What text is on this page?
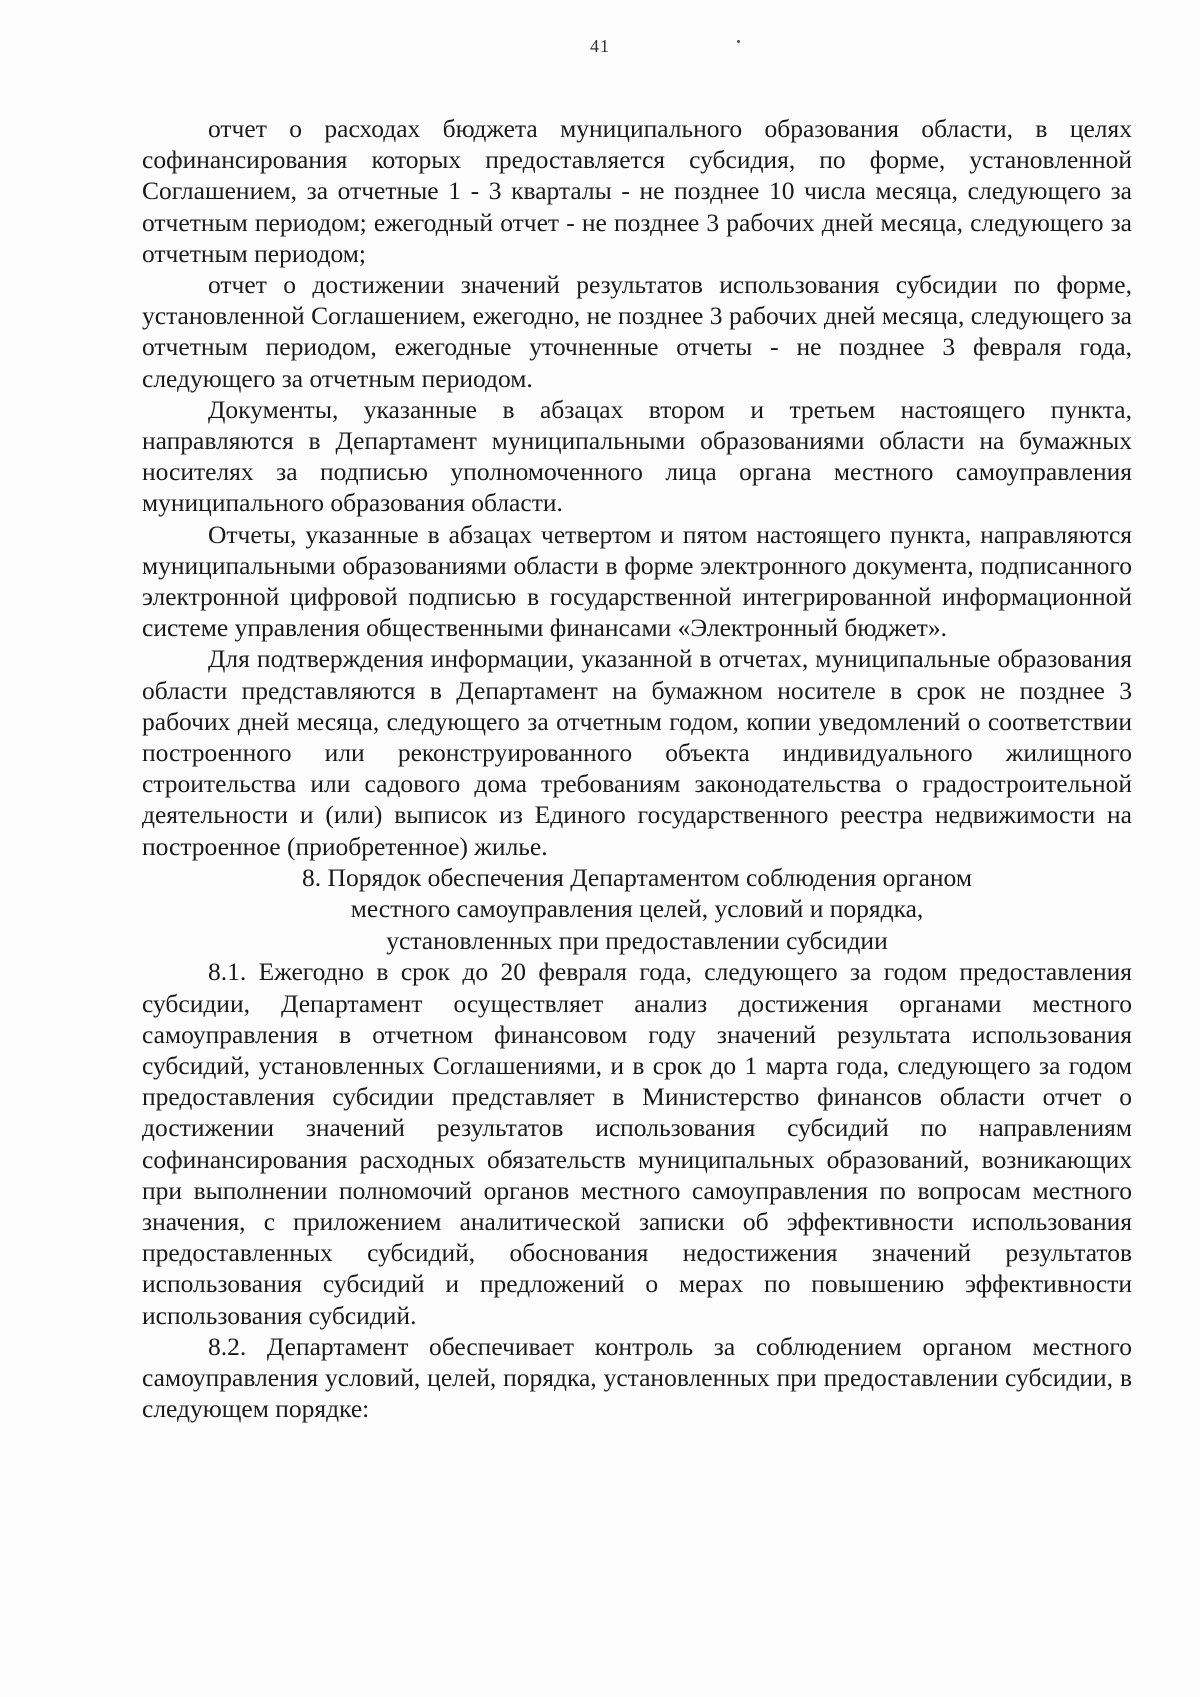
41

отчет о расходах бюджета муниципального образования области, в целях софинансирования которых предоставляется субсидия, по форме, установленной Соглашением, за отчетные 1 - 3 кварталы - не позднее 10 числа месяца, следующего за отчетным периодом; ежегодный отчет - не позднее 3 рабочих дней месяца, следующего за отчетным периодом;

отчет о достижении значений результатов использования субсидии по форме, установленной Соглашением, ежегодно, не позднее 3 рабочих дней месяца, следующего за отчетным периодом, ежегодные уточненные отчеты - не позднее 3 февраля года, следующего за отчетным периодом.

Документы, указанные в абзацах втором и третьем настоящего пункта, направляются в Департамент муниципальными образованиями области на бумажных носителях за подписью уполномоченного лица органа местного самоуправления муниципального образования области.

Отчеты, указанные в абзацах четвертом и пятом настоящего пункта, направляются муниципальными образованиями области в форме электронного документа, подписанного электронной цифровой подписью в государственной интегрированной информационной системе управления общественными финансами «Электронный бюджет».

Для подтверждения информации, указанной в отчетах, муниципальные образования области представляются в Департамент на бумажном носителе в срок не позднее 3 рабочих дней месяца, следующего за отчетным годом, копии уведомлений о соответствии построенного или реконструированного объекта индивидуального жилищного строительства или садового дома требованиям законодательства о градостроительной деятельности и (или) выписок из Единого государственного реестра недвижимости на построенное (приобретенное) жилье.

8. Порядок обеспечения Департаментом соблюдения органом
местного самоуправления целей, условий и порядка,
установленных при предоставлении субсидии

8.1. Ежегодно в срок до 20 февраля года, следующего за годом предоставления субсидии, Департамент осуществляет анализ достижения органами местного самоуправления в отчетном финансовом году значений результата использования субсидий, установленных Соглашениями, и в срок до 1 марта года, следующего за годом предоставления субсидии представляет в Министерство финансов области отчет о достижении значений результатов использования субсидий по направлениям софинансирования расходных обязательств муниципальных образований, возникающих при выполнении полномочий органов местного самоуправления по вопросам местного значения, с приложением аналитической записки об эффективности использования предоставленных субсидий, обоснования недостижения значений результатов использования субсидий и предложений о мерах по повышению эффективности использования субсидий.

8.2. Департамент обеспечивает контроль за соблюдением органом местного самоуправления условий, целей, порядка, установленных при предоставлении субсидии, в следующем порядке:
